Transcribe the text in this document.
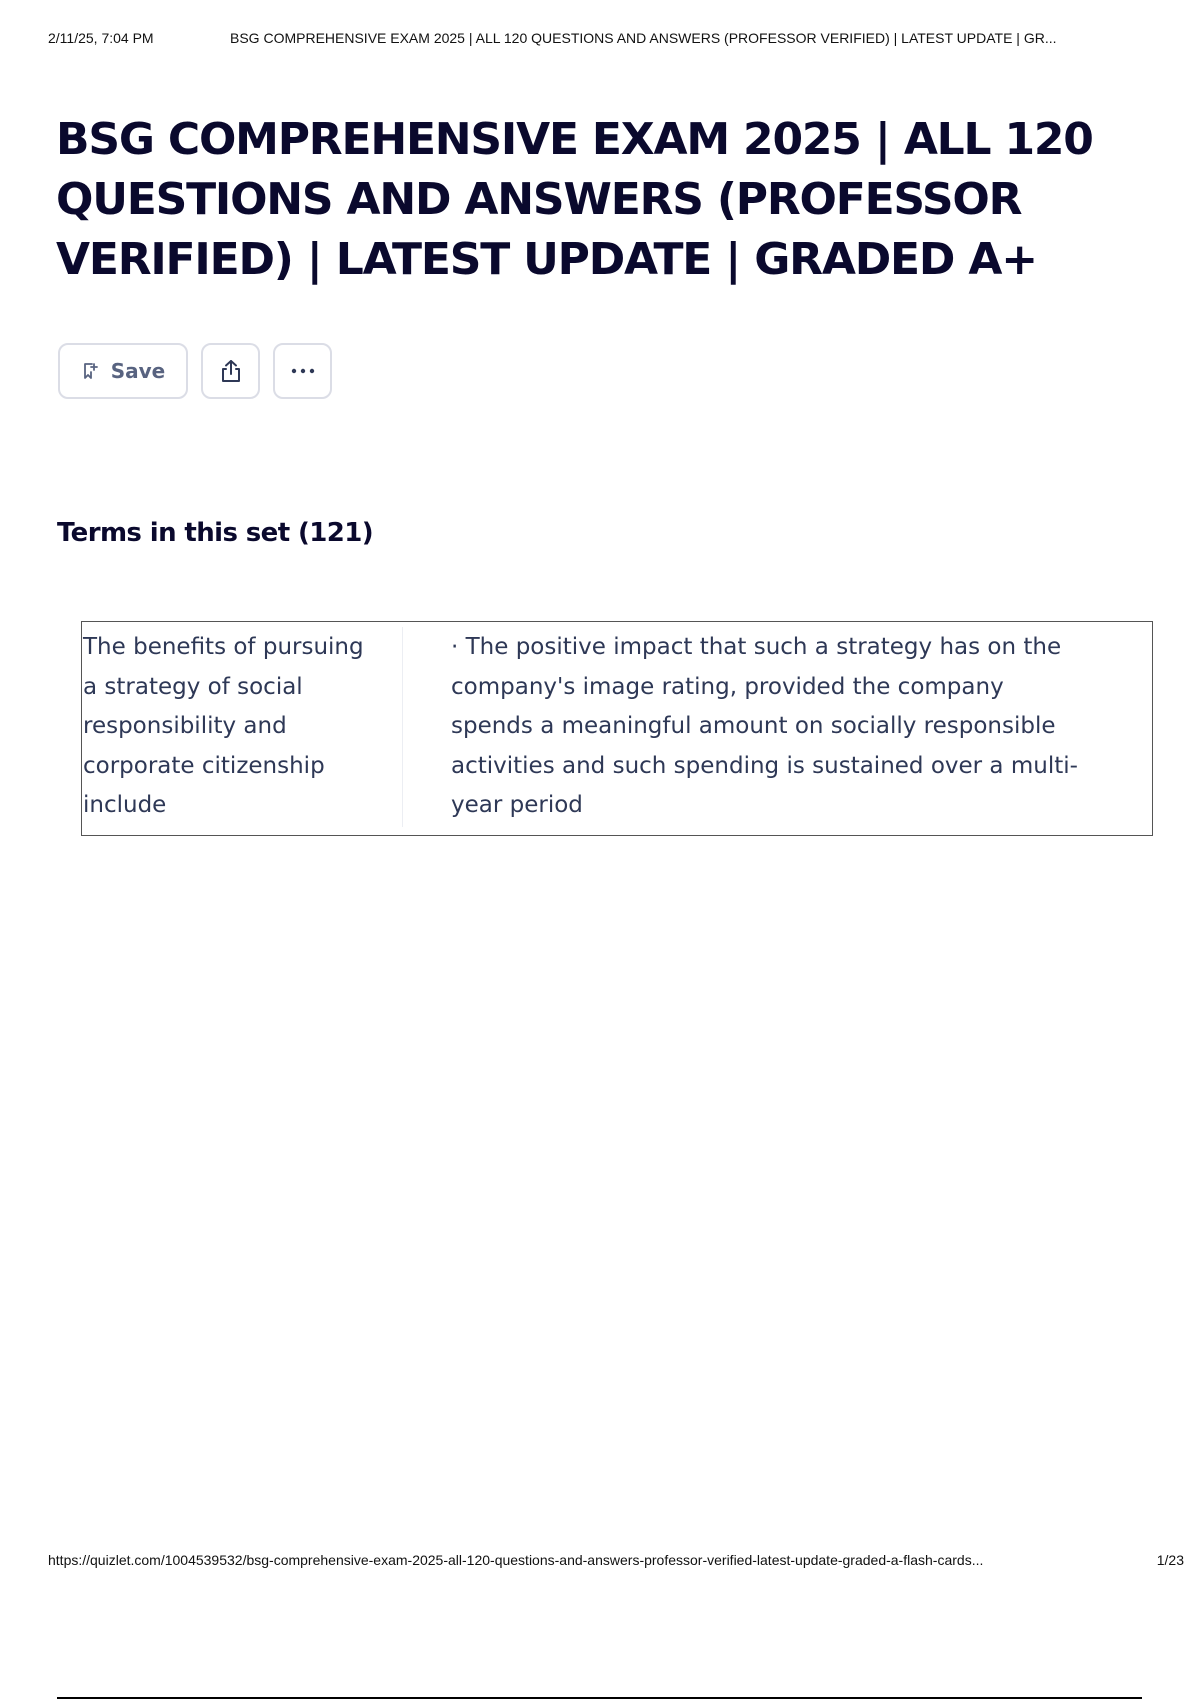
2/11/25, 7:04 PM	BSG COMPREHENSIVE EXAM 2025 | ALL 120 QUESTIONS AND ANSWERS (PROFESSOR VERIFIED) | LATEST UPDATE | GR...
BSG COMPREHENSIVE EXAM 2025 | ALL 120 QUESTIONS AND ANSWERS (PROFESSOR VERIFIED) | LATEST UPDATE | GRADED A+
Save
Terms in this set (121)
The benefits of pursuing a strategy of social responsibility and corporate citizenship include
· The positive impact that such a strategy has on the company's image rating, provided the company spends a meaningful amount on socially responsible activities and such spending is sustained over a multi-year period
https://quizlet.com/1004539532/bsg-comprehensive-exam-2025-all-120-questions-and-answers-professor-verified-latest-update-graded-a-flash-cards...	1/23
